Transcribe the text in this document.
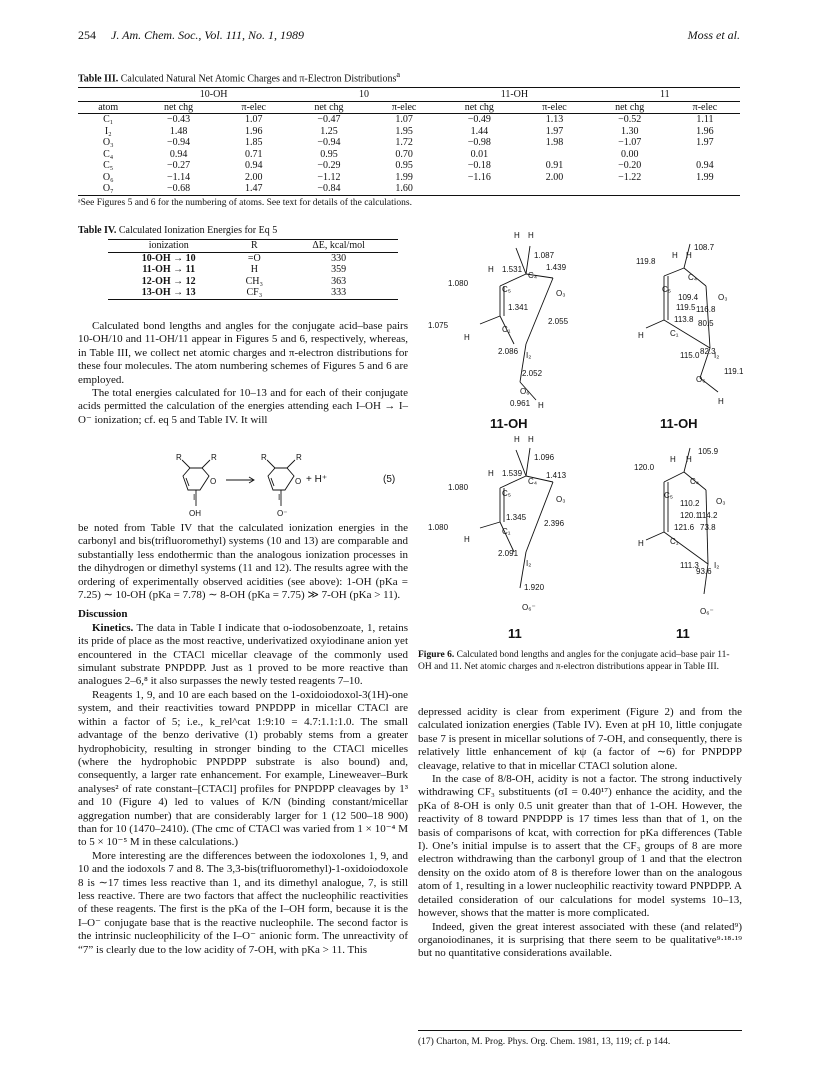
254 J. Am. Chem. Soc., Vol. 111, No. 1, 1989	Moss et al.
Table III. Calculated Natural Net Atomic Charges and π-Electron Distributions$^a$
	10-OH		10		11-OH		11	
atom	net chg	π-elec	net chg	π-elec	net chg	π-elec	net chg	π-elec
C₁	−0.43	1.07	−0.47	1.07	−0.49	1.13	−0.52	1.11
I₂	1.48	1.96	1.25	1.95	1.44	1.97	1.30	1.96
O₃	−0.94	1.85	−0.94	1.72	−0.98	1.98	−1.07	1.97
C₄	0.94	0.71	0.95	0.70	0.01		0.00	
C₅	−0.27	0.94	−0.29	0.95	−0.18	0.91	−0.20	0.94
O₆	−1.14	2.00	−1.12	1.99	−1.16	2.00	−1.22	1.99
O₇	−0.68	1.47	−0.84	1.60				
ᵃSee Figures 5 and 6 for the numbering of atoms. See text for details of the calculations.
Table IV. Calculated Ionization Energies for Eq 5
ionization	R	ΔE, kcal/mol
10-OH → 10	=O	330
11-OH → 11	H	359
12-OH → 12	CH₃	363
13-OH → 13	CF₃	333

Calculated bond lengths and angles for the conjugate acid–base pairs 10-OH/10 and 11-OH/11 appear in Figures 5 and 6, respectively, whereas, in Table III, we collect net atomic charges and π-electron distributions for these four molecules. The atom numbering schemes of Figures 5 and 6 are employed.

The total energies calculated for 10–13 and for each of their conjugate acids permitted the calculation of the energies attending each I–OH → I–O⁻ ionization; cf. eq 5 and Table IV. It will

R	R
O
I
OH
R	R
O
I
O⁻
+ H⁺	(5)

be noted from Table IV that the calculated ionization energies in the carbonyl and bis(trifluoromethyl) systems (10 and 13) are comparable and substantially less endothermic than the analogous ionization processes in the dihydrogen or dimethyl systems (11 and 12). The results agree with the ordering of experimentally observed acidities (see above): 1-OH (pKa = 7.25) ∼ 10-OH (pKa = 7.78) ∼ 8-OH (pKa = 7.75) ≫ 7-OH (pKa > 11).

Discussion

Kinetics. The data in Table I indicate that o-iodosobenzoate, 1, retains its pride of place as the most reactive, underivatized oxyiodinane anion yet encountered in the CTACl micellar cleavage of the commonly used simulant substrate PNPDPP. Just as 1 proved to be more reactive than analogues 2–6,⁸ it also surpasses the newly tested reagents 7–10.

Reagents 1, 9, and 10 are each based on the 1-oxidoiodoxol-3(1H)-one system, and their reactivities toward PNPDPP in micellar CTACl are within a factor of 5; i.e., k_rel^cat 1:9:10 = 4.7:1.1:1.0. The small advantage of the benzo derivative (1) probably stems from a greater hydrophobicity, resulting in stronger binding to the CTACl micelles (where the hydrophobic PNPDPP substrate is also bound) and, consequently, a larger rate enhancement. For example, Lineweaver–Burk analyses² of rate constant–[CTACl] profiles for PNPDPP cleavages by 1³ and 10 (Figure 4) led to values of K/N (binding constant/micellar aggregation number) that are considerably larger for 1 (12 500–18 900) than for 10 (1470–2410). (The cmc of CTACl was varied from 1 × 10⁻⁴ M to 5 × 10⁻⁵ M in these calculations.)

More interesting are the differences between the iodoxolones 1, 9, and 10 and the iodoxols 7 and 8. The 3,3-bis(trifluoromethyl)-1-oxidoiodoxole 8 is ∼17 times less reactive than 1, and its dimethyl analogue, 7, is still less reactive. There are two factors that affect the nucleophilic reactivities of these reagents. The first is the pKa of the I–OH form, because it is the I–O⁻ conjugate base that is the reactive nucleophile. The second factor is the intrinsic nucleophilicity of the I–O⁻ anionic form. The unreactivity of “7” is clearly due to the low acidity of 7-OH, with pKa > 11. This

H H
1.087
H 1.531
C₄
1.439
1.080
C₅	O₃
1.341
2.055
1.075	C₁
H
2.086 I₂
2.052
O₆
0.961 H
108.7
H H
119.8
C₄
C₅
109.4 O₃
119.5 116.8
113.8 80.5
C₁
H
115.0 82.3
I₂
O₆
119.1
H
H H
1.096
H 1.539
C₄
1.413
1.080
C₅
O₃
1.345
1.080	C₁
2.396
H
2.091
I₂
1.920
O₆⁻
105.9
H H
120.0
C₄
C₅
110.2 O₃
120.1
114.2
121.6 73.8
C₁
H
111.3
93.6
I₂
O₆⁻
11-OH	11-OH
11	11
Figure 6. Calculated bond lengths and angles for the conjugate acid–base pair 11-OH and 11. Net atomic charges and π-electron distributions appear in Table III.

depressed acidity is clear from experiment (Figure 2) and from the calculated ionization energies (Table IV). Even at pH 10, little conjugate base 7 is present in micellar solutions of 7-OH, and consequently, there is relatively little enhancement of kψ (a factor of ∼6) for PNPDPP cleavage, relative to that in micellar CTACl solution alone.

In the case of 8/8-OH, acidity is not a factor. The strong inductively withdrawing CF₃ substituents (σI = 0.40¹⁷) enhance the acidity, and the pKa of 8-OH is only 0.5 unit greater than that of 1-OH. However, the reactivity of 8 toward PNPDPP is 17 times less than that of 1, on the basis of comparisons of kcat, with correction for pKa differences (Table I). One’s initial impulse is to assert that the CF₃ groups of 8 are more electron withdrawing than the carbonyl group of 1 and that the electron density on the oxido atom of 8 is therefore lower than on the analogous atom of 1, resulting in a lower nucleophilic reactivity toward PNPDPP. A detailed consideration of our calculations for model systems 10–13, however, shows that the matter is more complicated.

Indeed, given the great interest associated with these (and related⁹) organoiodinanes, it is surprising that there seem to be qualitative⁹·¹⁸·¹⁹ but no quantitative considerations available.

(17) Charton, M. Prog. Phys. Org. Chem. 1981, 13, 119; cf. p 144.
